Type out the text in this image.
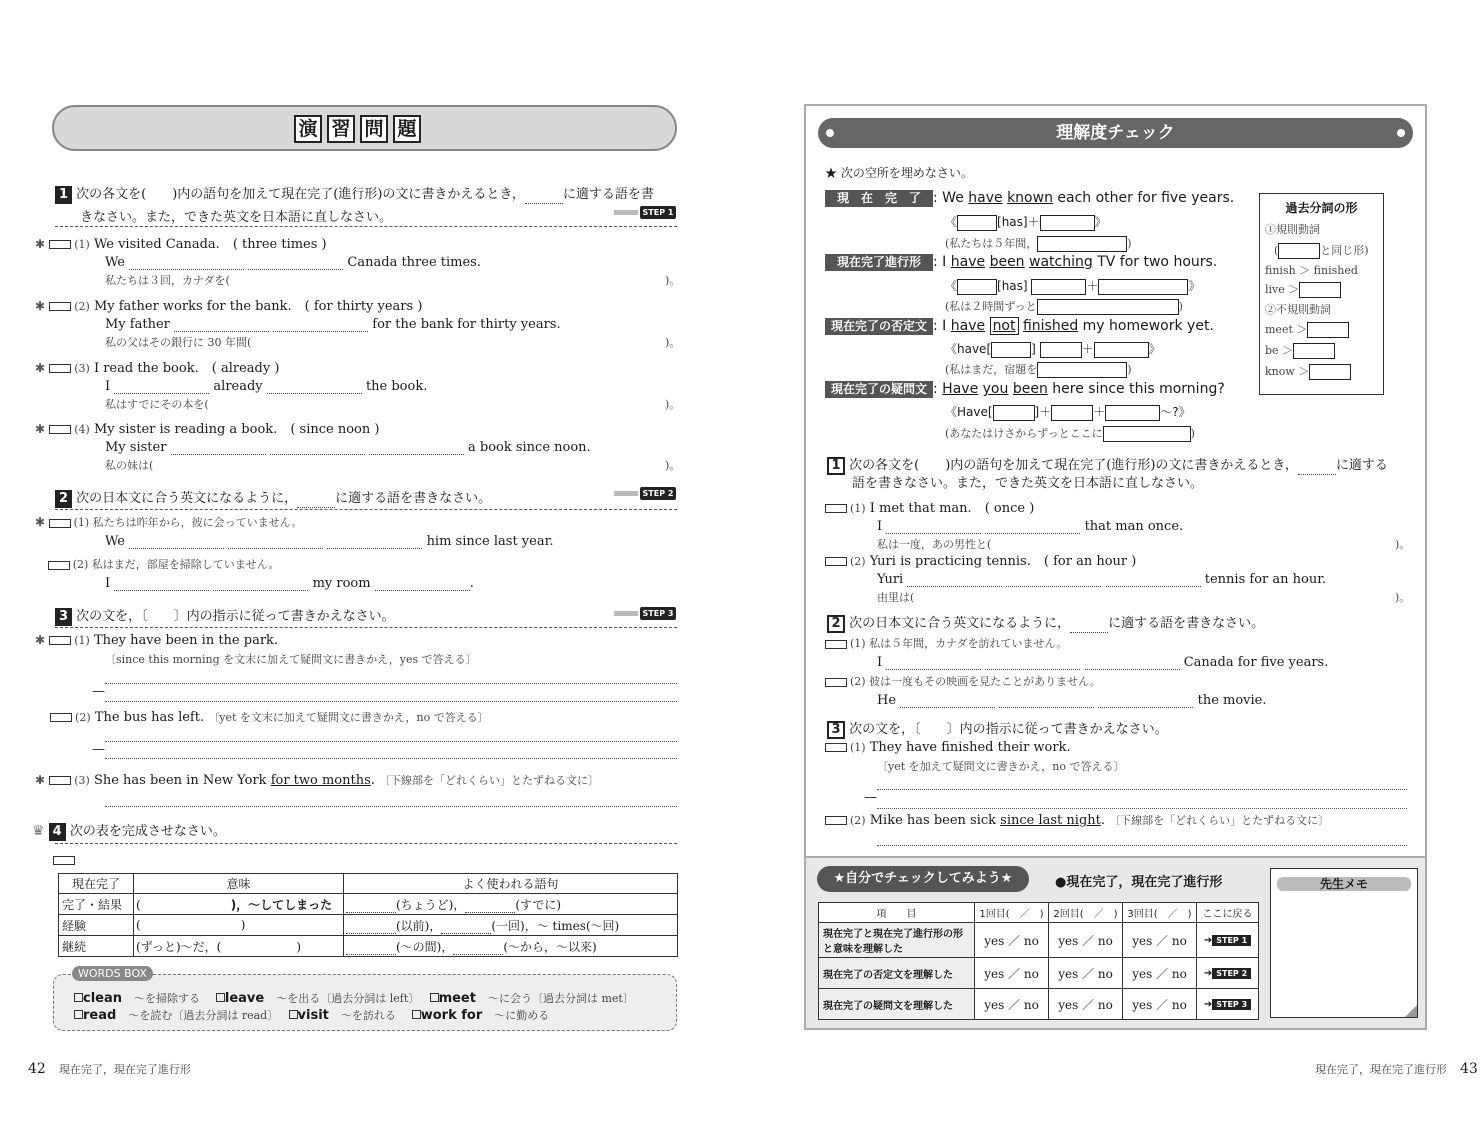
演 習 問 題
1 次の各文を(　　)内の語句を加えて現在完了(進行形)の文に書きかえるとき，	に適する語を書
きなさい。また，できた英文を日本語に直しなさい。	STEP 1
✱	(1) We visited Canada.　 ( three times )
We	Canada three times.
私たちは３回，カナダを(	)。
✱	(2) My father works for the bank.　 ( for thirty years )
My father	for the bank for thirty years.
私の父はその銀行に 30 年間(	)。
✱	(3) I read the book.　 ( already )
I	already	the book.
私はすでにその本を(	)。
✱	(4) My sister is reading a book.　 ( since noon )
My sister	a book since noon.
私の妹は(	)。
2 次の日本文に合う英文になるように，	に適する語を書きなさい。	STEP 2
✱	(1) 私たちは昨年から，彼に会っていません。
We	him since last year.
(2) 私はまだ，部屋を掃除していません。
I	my room	.
3 次の文を，〔　　〕内の指示に従って書きかえなさい。	STEP 3
✱	(1) They have been in the park.
〔since this morning を文末に加えて疑問文に書きかえ，yes で答える〕
—
(2) The bus has left. 〔yet を文末に加えて疑問文に書きかえ，no で答える〕
—
✱	(3) She has been in New York for two months. 〔下線部を「どれくらい」とたずねる文に〕
♛ 4 次の表を完成させなさい。
現在完了	意味	よく使われる語句
完了・結果	( )，〜してしまった	(ちょうど)， (すでに)
経験	( )	(以前)， (一回)，〜 times(〜回)
継続	(ずっと)〜だ，( )	(〜の間)， (〜から，〜以来)
WORDS BOX
clean　 〜を掃除する　 leave　 〜を出る〔過去分詞は left〕　 meet　 〜に会う〔過去分詞は met〕
read　 〜を読む〔過去分詞は read〕　 visit　 〜を訪れる　 work for　 〜に勤める
42　 現在完了，現在完了進行形
理解度チェック
★ 次の空所を埋めなさい。
現　在　完　了 : We have known each other for five years.
《	[has]＋	》
(私たちは５年間，	)
現在完了進行形 : I have been watching TV for two hours.
《	[has]	＋	》
(私は２時間ずっと	)
現在完了の否定文 : I have not finished my homework yet.
《have[	]	＋	》
(私はまだ，宿題を	)
現在完了の疑問文 : Have you been here since this morning?
《Have[	]＋	＋	〜?》
(あなたはけさからずっとここに	)
過去分詞の形
①規則動詞
(	と同じ形)
finish ＞ finished
live ＞
②不規則動詞
meet ＞
be ＞
know ＞
1 次の各文を(　　)内の語句を加えて現在完了(進行形)の文に書きかえるとき，	に適する
語を書きなさい。また，できた英文を日本語に直しなさい。
(1) I met that man.　 ( once )
I	that man once.
私は一度，あの男性と(	)。
(2) Yuri is practicing tennis.　 ( for an hour )
Yuri	tennis for an hour.
由里は(	)。
2 次の日本文に合う英文になるように，	に適する語を書きなさい。
(1) 私は５年間，カナダを訪れていません。
I	Canada for five years.
(2) 彼は一度もその映画を見たことがありません。
He	the movie.
3 次の文を，〔　　〕内の指示に従って書きかえなさい。
(1) They have finished their work.
〔yet を加えて疑問文に書きかえ，no で答える〕
—
(2) Mike has been sick since last night. 〔下線部を「どれくらい」とたずねる文に〕
★自分でチェックしてみよう★	●現在完了，現在完了進行形
項　　目	1回目(　／　)	2回目(　／　)	3回目(　／　)	ここに戻る
現在完了と現在完了進行形の形と意味を理解した	yes ／ no	yes ／ no	yes ／ no	➔ STEP 1
現在完了の否定文を理解した	yes ／ no	yes ／ no	yes ／ no	➔ STEP 2
現在完了の疑問文を理解した	yes ／ no	yes ／ no	yes ／ no	➔ STEP 3
先生メモ
現在完了，現在完了進行形　 43
